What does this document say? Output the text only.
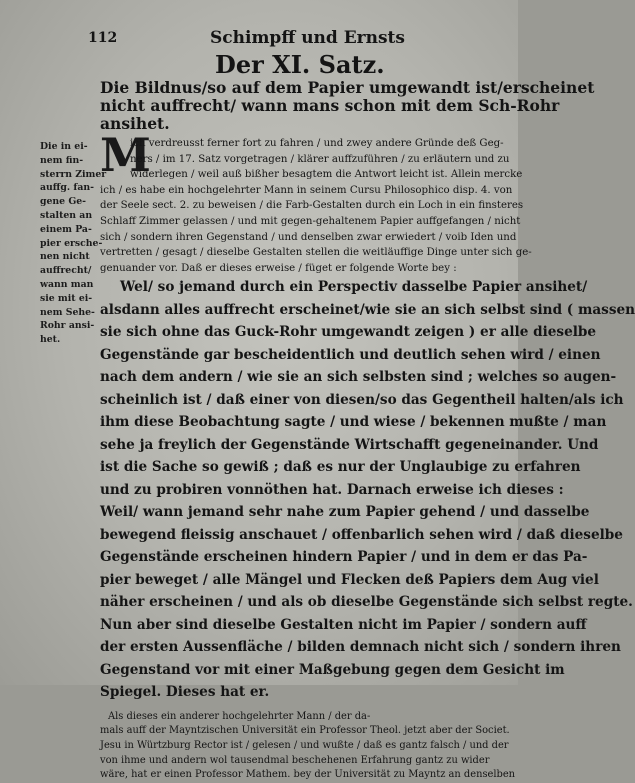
112	Schimpff und Ernsts
Der XI. Satz.
Die Bildnus/so auf dem Papier umgewandt ist/erscheinet
nicht auffrecht/ wann mans schon mit dem Sch-Rohr
ansihet.
Die in ei-
nem fin-
sterrn Zimer
auffg. fan-
gene Ge-
stalten an
einem Pa-
pier ersche-
nen nicht
auffrecht/
wann man
sie mit ei-
nem Sehe-
Rohr ansi-
het.
M
ich verdreusst ferner fort zu fahren / und zwey andere Gründe deß Geg-
ners / im 17. Satz vorgetragen / klärer auffzuführen / zu erläutern und zu
widerlegen / weil auß bißher besagtem die Antwort leicht ist. Allein mercke
ich / es habe ein hochgelehrter Mann in seinem Cursu Philosophico disp. 4. von
der Seele sect. 2. zu beweisen / die Farb-Gestalten durch ein Loch in ein finsteres
Schlaff Zimmer gelassen / und mit gegen-gehaltenem Papier auffgefangen / nicht
sich / sondern ihren Gegenstand / und denselben zwar erwiedert / voib Iden und
vertretten / gesagt / dieselbe Gestalten stellen die weitläuffige Dinge unter sich ge-
genuander vor. Daß er dieses erweise / füget er folgende Worte bey :
Wel/ so jemand durch ein Perspectiv dasselbe Papier ansihet/
alsdann alles auffrecht erscheinet/wie sie an sich selbst sind ( massen
sie sich ohne das Guck-Rohr umgewandt zeigen ) er alle dieselbe
Gegenstände gar bescheidentlich und deutlich sehen wird / einen
nach dem andern / wie sie an sich selbsten sind ; welches so augen-
scheinlich ist / daß einer von diesen/so das Gegentheil halten/als ich
ihm diese Beobachtung sagte / und wiese / bekennen mußte / man
sehe ja freylich der Gegenstände Wirtschafft gegeneinander. Und
ist die Sache so gewiß ; daß es nur der Unglaubige zu erfahren
und zu probiren vonnöthen hat. Darnach erweise ich dieses :
Weil/ wann jemand sehr nahe zum Papier gehend / und dasselbe
bewegend fleissig anschauet / offenbarlich sehen wird / daß dieselbe
Gegenstände erscheinen hindern Papier / und in dem er das Pa-
pier beweget / alle Mängel und Flecken deß Papiers dem Aug viel
näher erscheinen / und als ob dieselbe Gegenstände sich selbst regte.
Nun aber sind dieselbe Gestalten nicht im Papier / sondern auff
der ersten Aussenfläche / bilden demnach nicht sich / sondern ihren
Gegenstand vor mit einer Maßgebung gegen dem Gesicht im
Spiegel. Dieses hat er. Als dieses ein anderer hochgelehrter Mann / der da-
mals auff der Mayntzischen Universität ein Professor Theol. jetzt aber der Societ.
Jesu in Würtzburg Rector ist / gelesen / und wußte / daß es gantz falsch / und der
von ihme und andern wol tausendmal beschehenen Erfahrung gantz zu wider
wäre, hat er einen Professor Mathem. bey der Universität zu Mayntz an denselben
